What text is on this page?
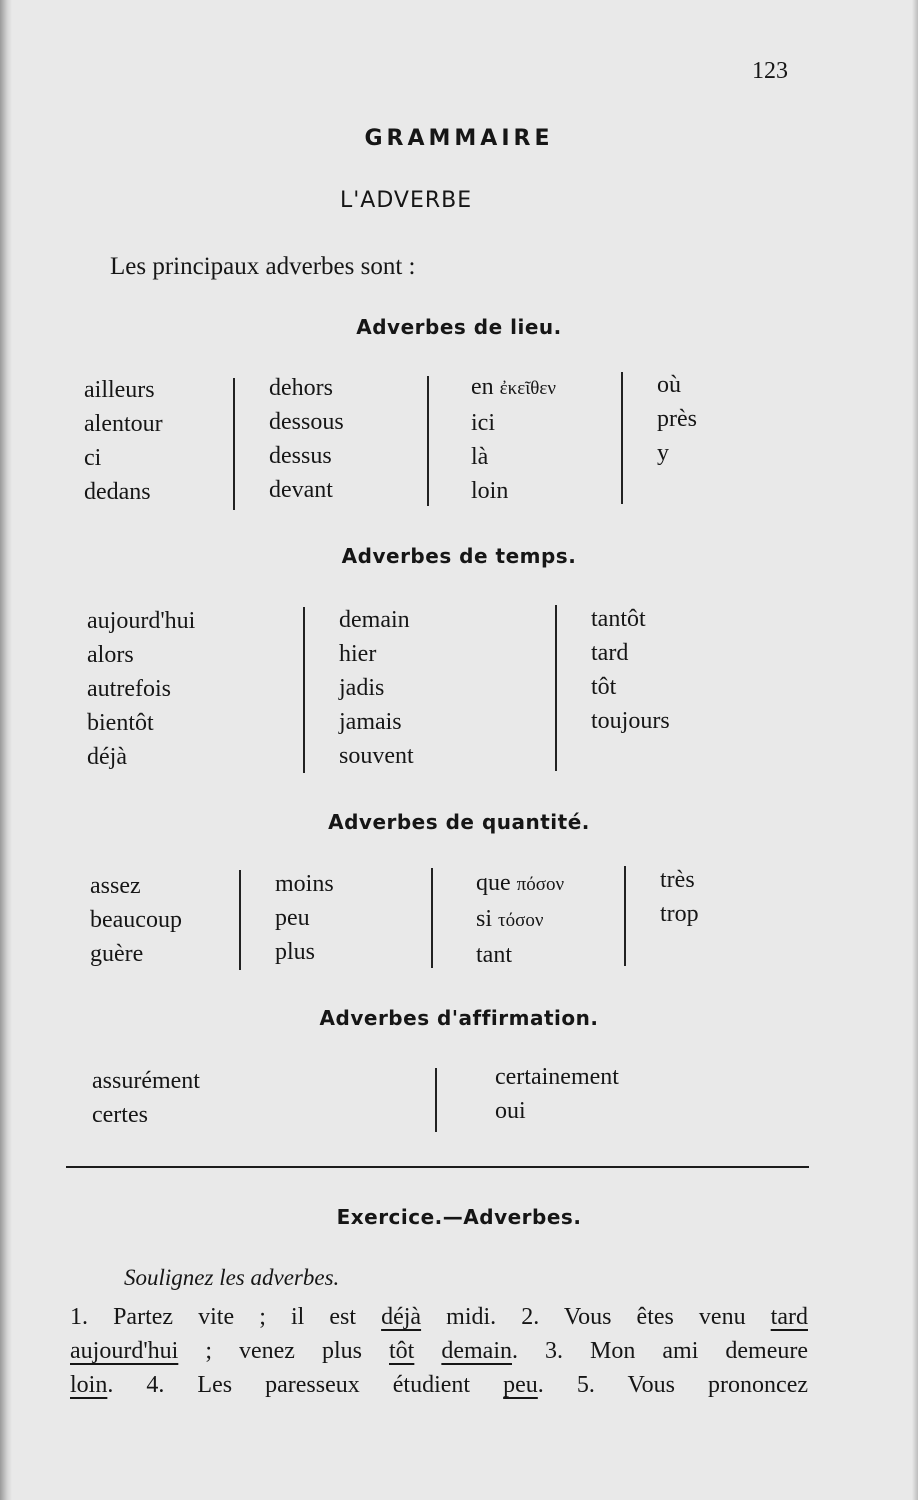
123
GRAMMAIRE
L'ADVERBE
Les principaux adverbes sont :
Adverbes de lieu.
ailleurs
alentour
ci
dedans
dehors
dessous
dessus
devant
en ἐκεῖθεν
ici
là
loin
où
près
y
Adverbes de temps.
aujourd'hui
alors
autrefois
bientôt
déjà
demain
hier
jadis
jamais
souvent
tantôt
tard
tôt
toujours
Adverbes de quantité.
assez
beaucoup
guère
moins
peu
plus
que πόσον
si τόσον
tant
très
trop
Adverbes d'affirmation.
assurément
certes
certainement
oui
Exercice.—Adverbes.
Soulignez les adverbes.
1. Partez vite ; il est déjà midi. 2. Vous êtes venu tard
aujourd'hui ; venez plus tôt demain. 3. Mon ami demeure
loin. 4. Les paresseux étudient peu. 5. Vous prononcez
